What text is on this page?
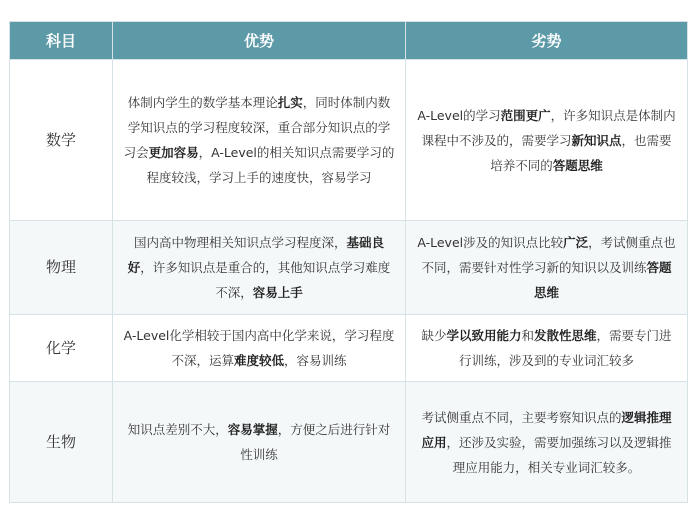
科目	优势	劣势
数学	体制内学生的数学基本理论扎实，同时体制内数学知识点的学习程度较深，重合部分知识点的学习会更加容易，A-Level的相关知识点需要学习的程度较浅，学习上手的速度快，容易学习	A-Level的学习范围更广，许多知识点是体制内课程中不涉及的，需要学习新知识点，也需要培养不同的答题思维
物理	国内高中物理相关知识点学习程度深，基础良好，许多知识点是重合的，其他知识点学习难度不深，容易上手	A-Level涉及的知识点比较广泛，考试侧重点也不同，需要针对性学习新的知识以及训练答题思维
化学	A-Level化学相较于国内高中化学来说，学习程度不深，运算难度较低，容易训练	缺少学以致用能力和发散性思维，需要专门进行训练，涉及到的专业词汇较多
生物	知识点差别不大，容易掌握，方便之后进行针对性训练	考试侧重点不同，主要考察知识点的逻辑推理应用，还涉及实验，需要加强练习以及逻辑推理应用能力，相关专业词汇较多。
